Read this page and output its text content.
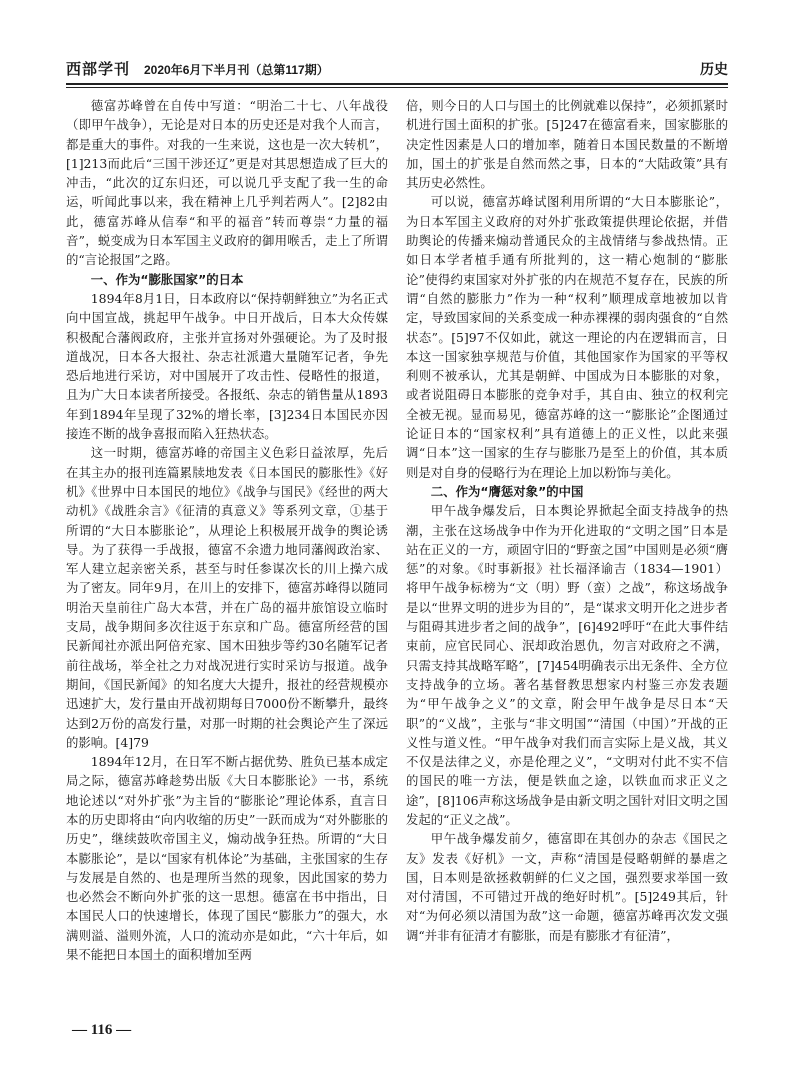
西部学刊 2020年6月下半月刊（总第117期）	历史

德富苏峰曾在自传中写道：“明治二十七、八年战役（即甲午战争），无论是对日本的历史还是对我个人而言，都是重大的事件。对我的一生来说，这也是一次大转机”，[1]213而此后“三国干涉还辽”更是对其思想造成了巨大的冲击，“此次的辽东归还，可以说几乎支配了我一生的命运，听闻此事以来，我在精神上几乎判若两人”。[2]82由此，德富苏峰从信奉“和平的福音”转而尊崇“力量的福音”，蜕变成为日本军国主义政府的御用喉舌，走上了所谓的“言论报国”之路。

一、作为“膨胀国家”的日本

1894年8月1日，日本政府以“保持朝鲜独立”为名正式向中国宣战，挑起甲午战争。中日开战后，日本大众传媒积极配合藩阀政府，主张并宣扬对外强硬论。为了及时报道战况，日本各大报社、杂志社派遣大量随军记者，争先恐后地进行采访，对中国展开了攻击性、侵略性的报道，且为广大日本读者所接受。各报纸、杂志的销售量从1893年到1894年呈现了32%的增长率，[3]234日本国民亦因接连不断的战争喜报而陷入狂热状态。

这一时期，德富苏峰的帝国主义色彩日益浓厚，先后在其主办的报刊连篇累牍地发表《日本国民的膨胀性》《好机》《世界中日本国民的地位》《战争与国民》《经世的两大动机》《战胜余言》《征清的真意义》等系列文章，①基于所谓的“大日本膨胀论”，从理论上积极展开战争的舆论诱导。为了获得一手战报，德富不余遗力地同藩阀政治家、军人建立起亲密关系，甚至与时任参谋次长的川上操六成为了密友。同年9月，在川上的安排下，德富苏峰得以随同明治天皇前往广岛大本营，并在广岛的福井旅馆设立临时支局，战争期间多次往返于东京和广岛。德富所经营的国民新闻社亦派出阿倍充家、国木田独步等约30名随军记者前往战场，举全社之力对战况进行实时采访与报道。战争期间，《国民新闻》的知名度大大提升，报社的经营规模亦迅速扩大，发行量由开战初期每日7000份不断攀升，最终达到2万份的高发行量，对那一时期的社会舆论产生了深远的影响。[4]79

1894年12月，在日军不断占据优势、胜负已基本成定局之际，德富苏峰趁势出版《大日本膨胀论》一书，系统地论述以“对外扩张”为主旨的“膨胀论”理论体系，直言日本的历史即将由“向内收缩的历史”一跃而成为“对外膨胀的历史”，继续鼓吹帝国主义，煽动战争狂热。所谓的“大日本膨胀论”，是以“国家有机体论”为基础，主张国家的生存与发展是自然的、也是理所当然的现象，因此国家的势力也必然会不断向外扩张的这一思想。德富在书中指出，日本国民人口的快速增长，体现了国民“膨胀力”的强大，水满则溢、溢则外流，人口的流动亦是如此，“六十年后，如果不能把日本国土的面积增加至两

倍，则今日的人口与国土的比例就难以保持”，必须抓紧时机进行国土面积的扩张。[5]247在德富看来，国家膨胀的决定性因素是人口的增加率，随着日本国民数量的不断增加，国土的扩张是自然而然之事，日本的“大陆政策”具有其历史必然性。

可以说，德富苏峰试图利用所谓的“大日本膨胀论”，为日本军国主义政府的对外扩张政策提供理论依据，并借助舆论的传播来煽动普通民众的主战情绪与参战热情。正如日本学者植手通有所批判的，这一精心炮制的“膨胀论”使得约束国家对外扩张的内在规范不复存在，民族的所谓“自然的膨胀力”作为一种“权利”顺理成章地被加以肯定，导致国家间的关系变成一种赤裸裸的弱肉强食的“自然状态”。[5]97不仅如此，就这一理论的内在逻辑而言，日本这一国家独享规范与价值，其他国家作为国家的平等权利则不被承认，尤其是朝鲜、中国成为日本膨胀的对象，或者说阻碍日本膨胀的竞争对手，其自由、独立的权利完全被无视。显而易见，德富苏峰的这一“膨胀论”企图通过论证日本的“国家权利”具有道德上的正义性，以此来强调“日本”这一国家的生存与膨胀乃是至上的价值，其本质则是对自身的侵略行为在理论上加以粉饰与美化。

二、作为“膺惩对象”的中国

甲午战争爆发后，日本舆论界掀起全面支持战争的热潮，主张在这场战争中作为开化进取的“文明之国”日本是站在正义的一方，顽固守旧的“野蛮之国”中国则是必须“膺惩”的对象。《时事新报》社长福泽谕吉（1834—1901）将甲午战争标榜为“文（明）野（蛮）之战”，称这场战争是以“世界文明的进步为目的”，是“谋求文明开化之进步者与阻碍其进步者之间的战争”，[6]492呼吁“在此大事件结束前，应官民同心、泯却政治恩仇，勿言对政府之不满，只需支持其战略军略”，[7]454明确表示出无条件、全方位支持战争的立场。著名基督教思想家内村鉴三亦发表题为“甲午战争之义”的文章，附会甲午战争是尽日本“天职”的“义战”，主张与“非文明国”“清国（中国）”开战的正义性与道义性。“甲午战争对我们而言实际上是义战，其义不仅是法律之义，亦是伦理之义”，“文明对付此不实不信的国民的唯一方法，便是铁血之途，以铁血而求正义之途”，[8]106声称这场战争是由新文明之国针对旧文明之国发起的“正义之战”。

甲午战争爆发前夕，德富即在其创办的杂志《国民之友》发表《好机》一文，声称“清国是侵略朝鲜的暴虐之国，日本则是欲拯救朝鲜的仁义之国，强烈要求举国一致对付清国，不可错过开战的绝好时机”。[5]249其后，针对“为何必须以清国为敌”这一命题，德富苏峰再次发文强调“并非有征清才有膨胀，而是有膨胀才有征清”，

— 116 —
